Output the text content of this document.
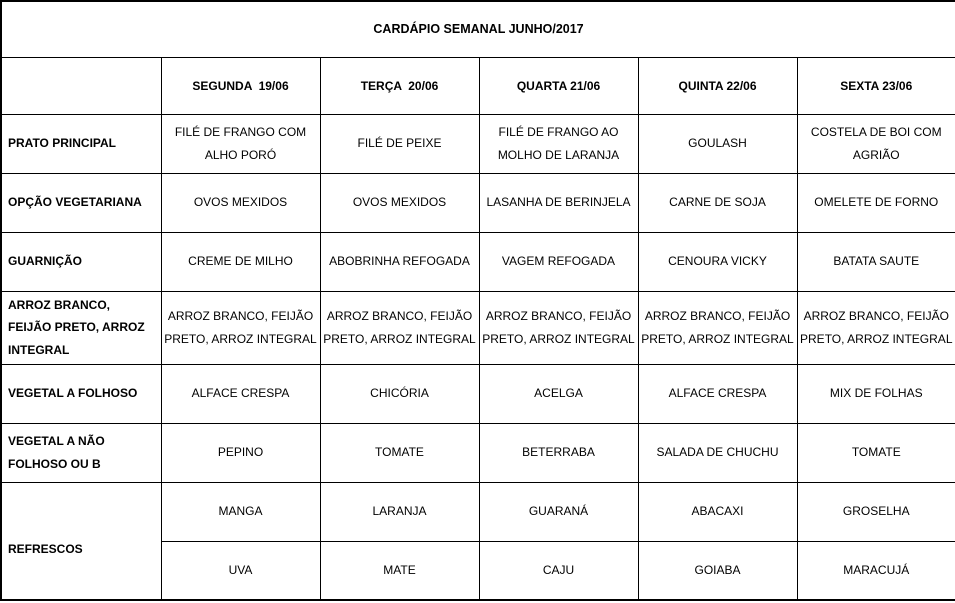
CARDÁPIO SEMANAL JUNHO/2017					
	SEGUNDA  19/06	TERÇA  20/06	QUARTA 21/06	QUINTA 22/06	SEXTA 23/06
PRATO PRINCIPAL	FILÉ DE FRANGO COM ALHO PORÓ	FILÉ DE PEIXE	FILÉ DE FRANGO AO MOLHO DE LARANJA	GOULASH	COSTELA DE BOI COM AGRIÃO
OPÇÃO VEGETARIANA	OVOS MEXIDOS	OVOS MEXIDOS	LASANHA DE BERINJELA	CARNE DE SOJA	OMELETE DE FORNO
GUARNIÇÃO	CREME DE MILHO	ABOBRINHA REFOGADA	VAGEM REFOGADA	CENOURA VICKY	BATATA SAUTE
ARROZ BRANCO, FEIJÃO PRETO, ARROZ INTEGRAL	ARROZ BRANCO, FEIJÃO PRETO, ARROZ INTEGRAL	ARROZ BRANCO, FEIJÃO PRETO, ARROZ INTEGRAL	ARROZ BRANCO, FEIJÃO PRETO, ARROZ INTEGRAL	ARROZ BRANCO, FEIJÃO PRETO, ARROZ INTEGRAL	ARROZ BRANCO, FEIJÃO PRETO, ARROZ INTEGRAL
VEGETAL A FOLHOSO	ALFACE CRESPA	CHICÓRIA	ACELGA	ALFACE CRESPA	MIX DE FOLHAS
VEGETAL A NÃO FOLHOSO OU B	PEPINO	TOMATE	BETERRABA	SALADA DE CHUCHU	TOMATE
REFRESCOS	MANGA	LARANJA	GUARANÁ	ABACAXI	GROSELHA
	UVA	MATE	CAJU	GOIABA	MARACUJÁ
